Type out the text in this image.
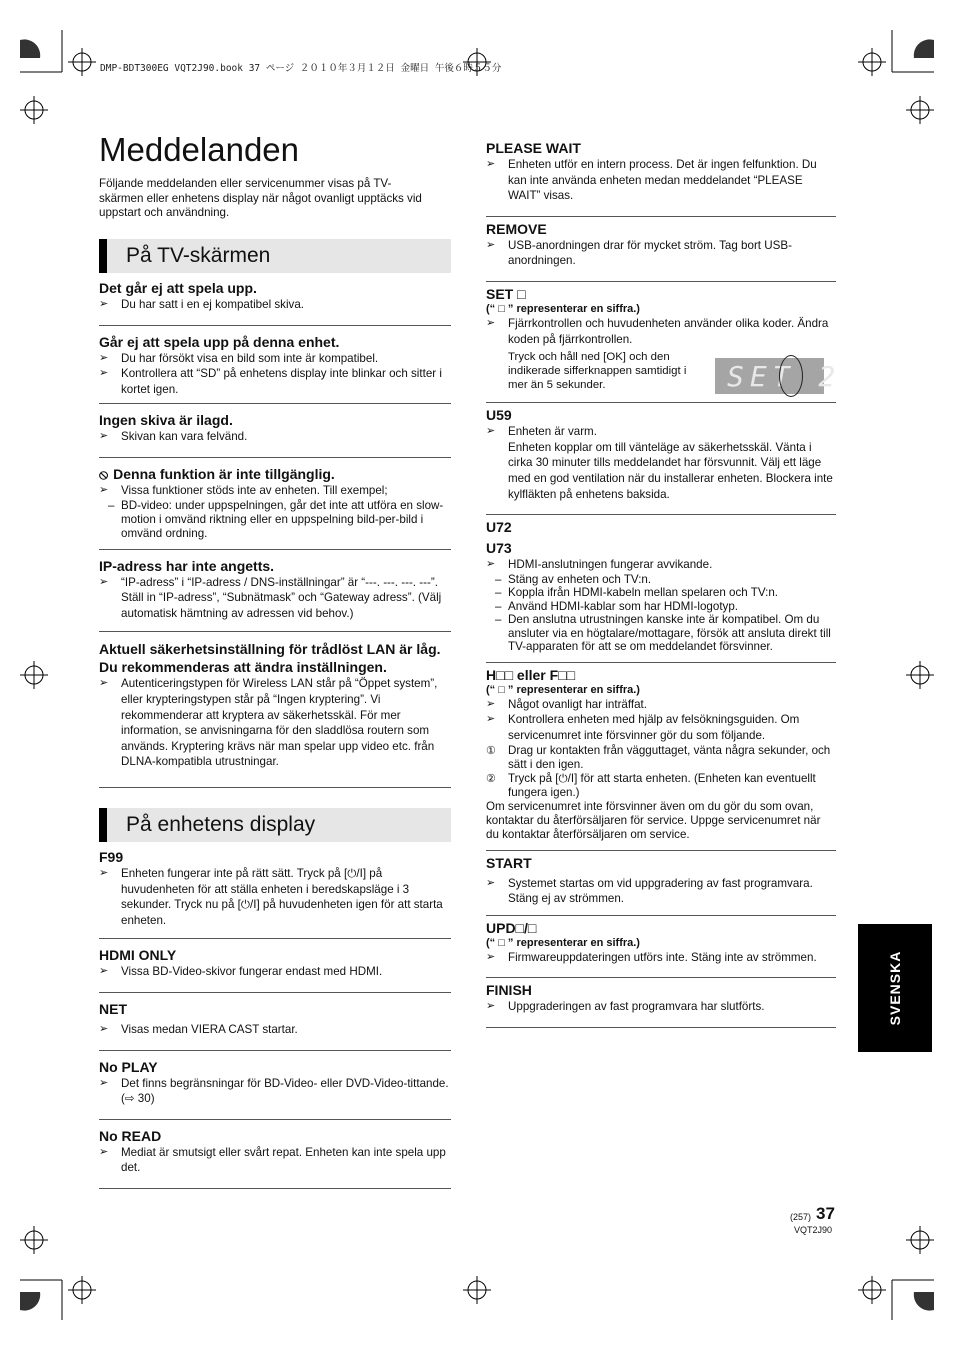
DMP-BDT300EG VQT2J90.book 37 ページ ２０１０年３月１２日 金曜日 午後６時５５分
Meddelanden
Följande meddelanden eller servicenummer visas på TV-skärmen eller enhetens display när något ovanligt upptäcks vid uppstart och användning.
På TV-skärmen
Det går ej att spela upp.
➢ Du har satt i en ej kompatibel skiva.
Går ej att spela upp på denna enhet.
➢ Du har försökt visa en bild som inte är kompatibel.
➢ Kontrollera att “SD” på enhetens display inte blinkar och sitter i kortet igen.
Ingen skiva är ilagd.
➢ Skivan kan vara felvänd.
⦸ Denna funktion är inte tillgänglig.
➢ Vissa funktioner stöds inte av enheten. Till exempel;
– BD-video: under uppspelningen, går det inte att utföra en slow-motion i omvänd riktning eller en uppspelning bild-per-bild i omvänd ordning.
IP-adress har inte angetts.
➢ “IP-adress” i “IP-adress / DNS-inställningar” är “---. ---. ---. ---”. Ställ in “IP-adress”, “Subnätmask” och “Gateway adress”. (Välj automatisk hämtning av adressen vid behov.)
Aktuell säkerhetsinställning för trådlöst LAN är låg. Du rekommenderas att ändra inställningen.
➢ Autenticeringstypen för Wireless LAN står på “Öppet system”, eller krypteringstypen står på “Ingen kryptering”. Vi rekommenderar att kryptera av säkerhetsskäl. För mer information, se anvisningarna för den sladdlösa routern som används. Kryptering krävs när man spelar upp video etc. från DLNA-kompatibla utrustningar.
På enhetens display
F99
➢ Enheten fungerar inte på rätt sätt. Tryck på [⏻/I] på huvudenheten för att ställa enheten i beredskapsläge i 3 sekunder. Tryck nu på [⏻/I] på huvudenheten igen för att starta enheten.
HDMI ONLY
➢ Vissa BD-Video-skivor fungerar endast med HDMI.
NET
➢ Visas medan VIERA CAST startar.
No PLAY
➢ Det finns begränsningar för BD-Video- eller DVD-Video-tittande. (⇨ 30)
No READ
➢ Mediat är smutsigt eller svårt repat. Enheten kan inte spela upp det.
PLEASE WAIT
➢ Enheten utför en intern process. Det är ingen felfunktion. Du kan inte använda enheten medan meddelandet “PLEASE WAIT” visas.
REMOVE
➢ USB-anordningen drar för mycket ström. Tag bort USB-anordningen.
SET □
(“ □ ” representerar en siffra.)
➢ Fjärrkontrollen och huvudenheten använder olika koder. Ändra koden på fjärrkontrollen.
Tryck och håll ned [OK] och den indikerade sifferknappen samtidigt i mer än 5 sekunder.
U59
➢ Enheten är varm.
Enheten kopplar om till vänteläge av säkerhetsskäl. Vänta i cirka 30 minuter tills meddelandet har försvunnit. Välj ett läge med en god ventilation när du installerar enheten. Blockera inte kylfläkten på enhetens baksida.
U72
U73
➢ HDMI-anslutningen fungerar avvikande.
– Stäng av enheten och TV:n.
– Koppla ifrån HDMI-kabeln mellan spelaren och TV:n.
– Använd HDMI-kablar som har HDMI-logotyp.
– Den anslutna utrustningen kanske inte är kompatibel. Om du ansluter via en högtalare/mottagare, försök att ansluta direkt till TV-apparaten för att se om meddelandet försvinner.
H□□ eller F□□
(“ □ ” representerar en siffra.)
➢ Något ovanligt har inträffat.
➢ Kontrollera enheten med hjälp av felsökningsguiden. Om servicenumret inte försvinner gör du som följande.
① Drag ur kontakten från vägguttaget, vänta några sekunder, och sätt i den igen.
② Tryck på [⏻/I] för att starta enheten. (Enheten kan eventuellt fungera igen.)
Om servicenumret inte försvinner även om du gör du som ovan, kontaktar du återförsäljaren för service. Uppge servicenumret när du kontaktar återförsäljaren om service.
START
➢ Systemet startas om vid uppgradering av fast programvara. Stäng ej av strömmen.
UPD□/□
(“ □ ” representerar en siffra.)
➢ Firmwareuppdateringen utförs inte. Stäng inte av strömmen.
FINISH
➢ Uppgraderingen av fast programvara har slutförts.
SET 2
SVENSKA
(257) 37
VQT2J90
